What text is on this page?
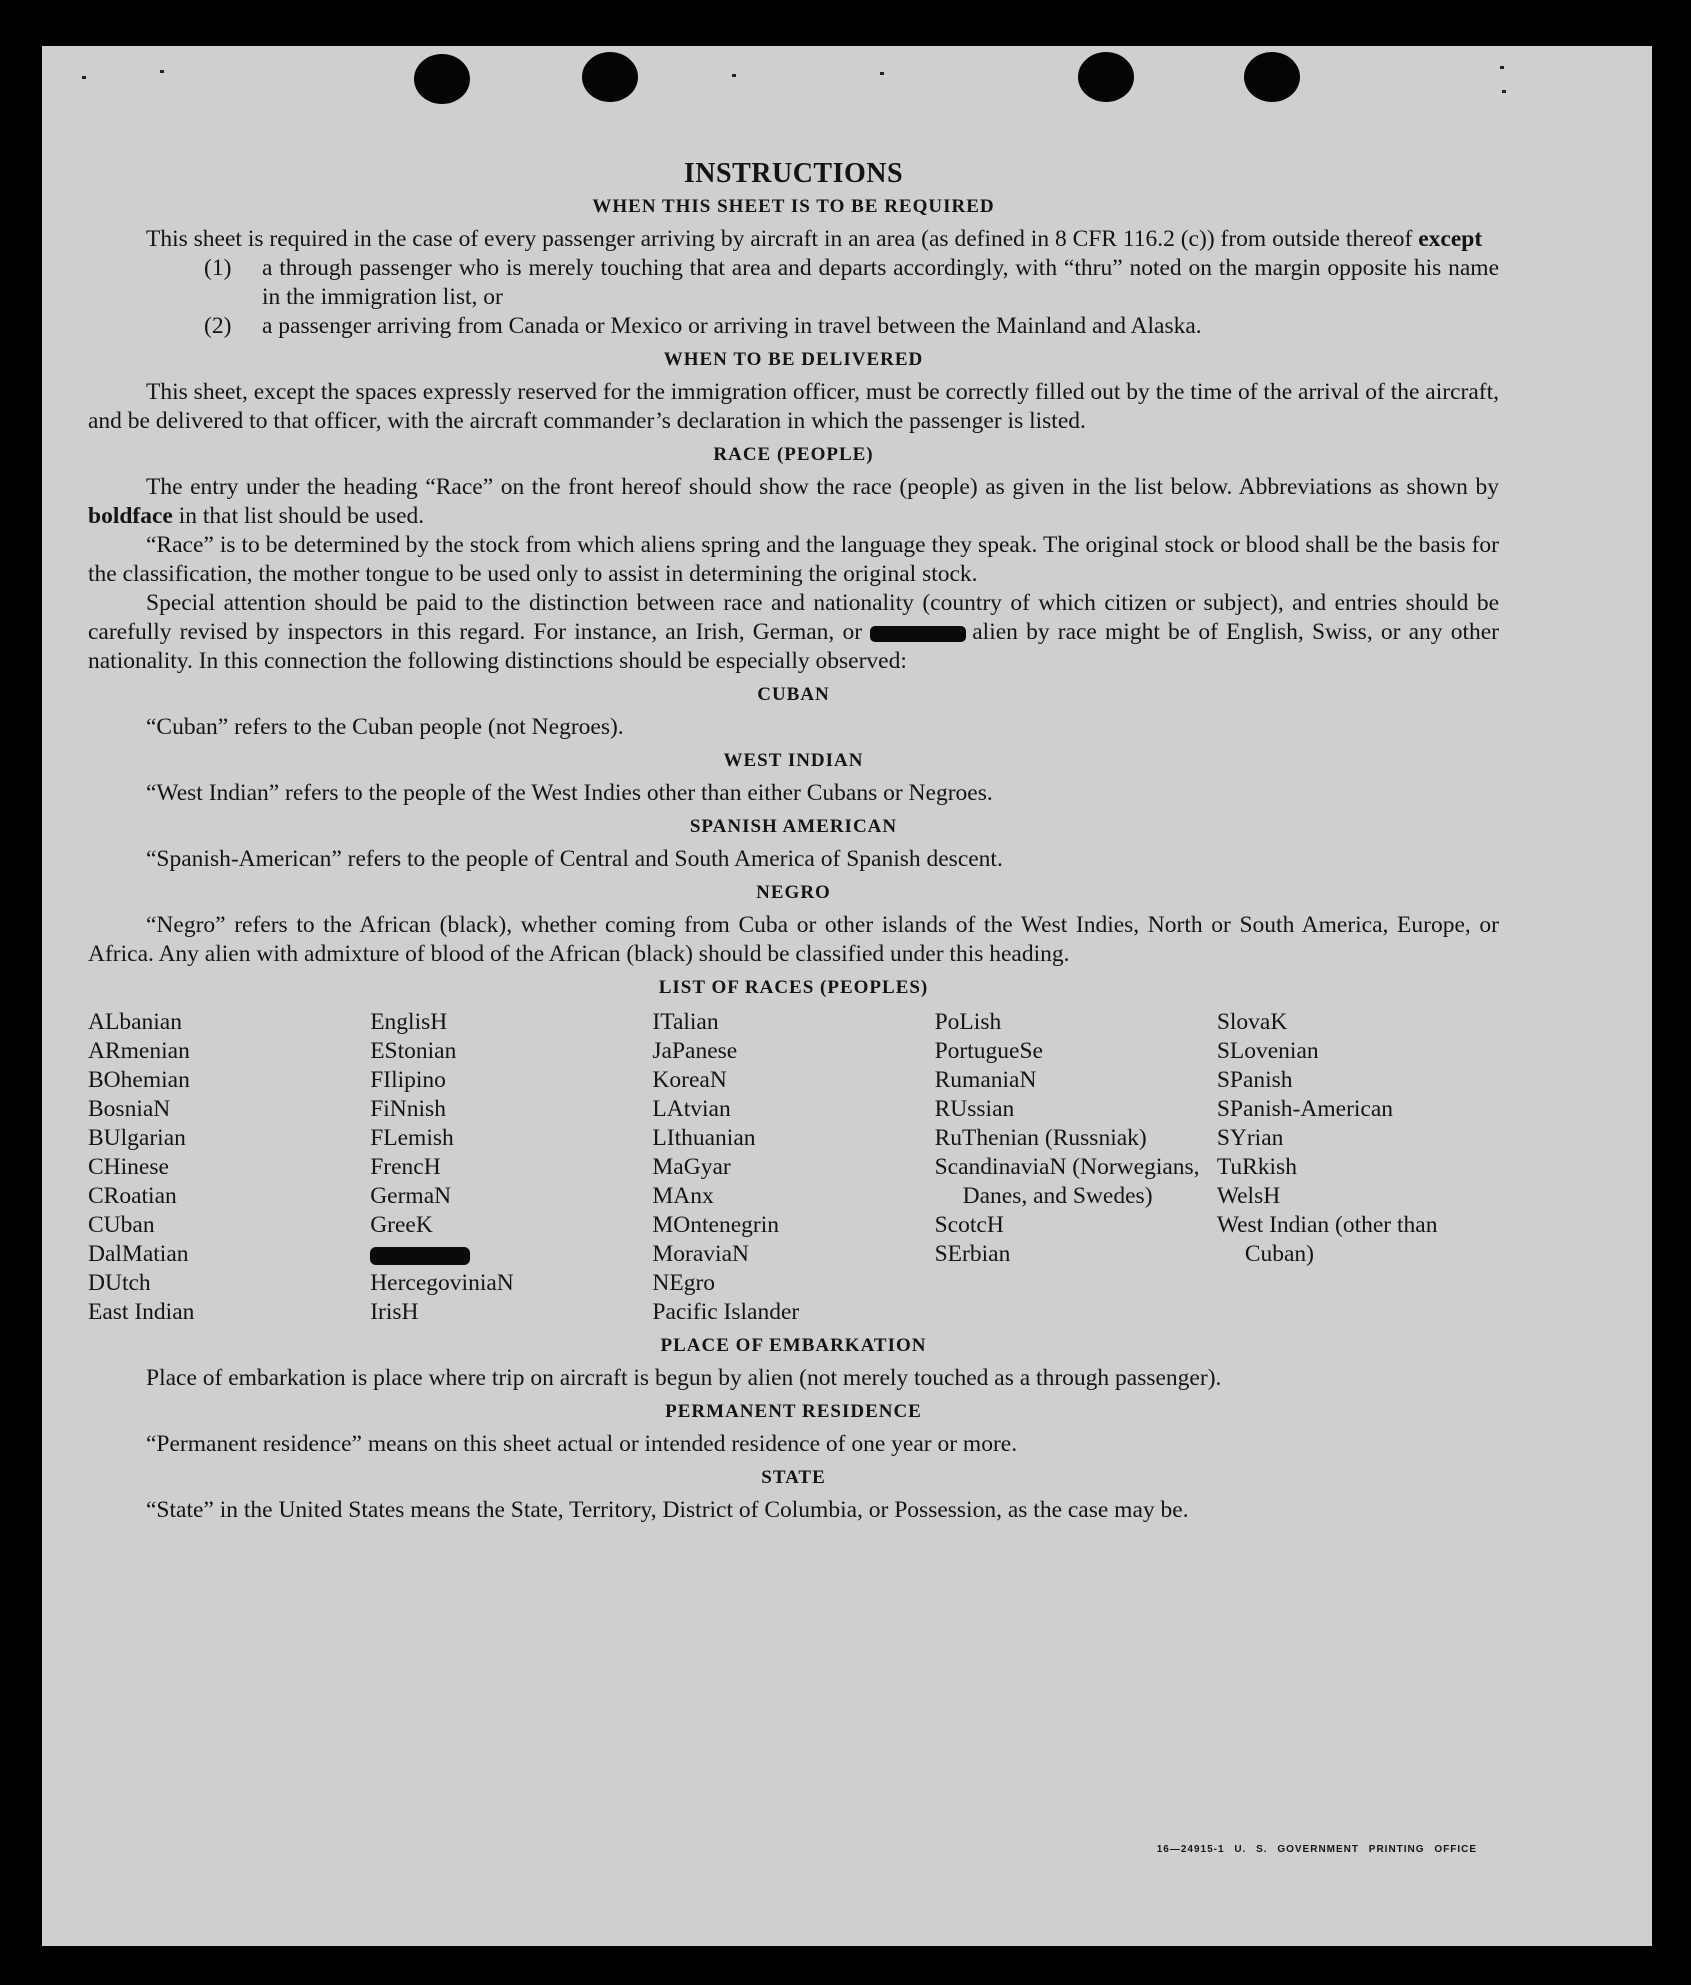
INSTRUCTIONS
WHEN THIS SHEET IS TO BE REQUIRED

This sheet is required in the case of every passenger arriving by aircraft in an area (as defined in 8 CFR 116.2 (c)) from outside thereof except

(1)	a through passenger who is merely touching that area and departs accordingly, with “thru” noted on the margin opposite his name in the immigration list, or
(2)	a passenger arriving from Canada or Mexico or arriving in travel between the Mainland and Alaska.
WHEN TO BE DELIVERED

This sheet, except the spaces expressly reserved for the immigration officer, must be correctly filled out by the time of the arrival of the aircraft, and be delivered to that officer, with the aircraft commander’s declaration in which the passenger is listed.

RACE (PEOPLE)

The entry under the heading “Race” on the front hereof should show the race (people) as given in the list below. Abbreviations as shown by boldface in that list should be used.

“Race” is to be determined by the stock from which aliens spring and the language they speak. The original stock or blood shall be the basis for the classification, the mother tongue to be used only to assist in determining the original stock.

Special attention should be paid to the distinction between race and nationality (country of which citizen or subject), and entries should be carefully revised by inspectors in this regard. For instance, an Irish, German, or	alien by race might be of English, Swiss, or any other nationality. In this connection the following distinctions should be especially observed:

CUBAN

“Cuban” refers to the Cuban people (not Negroes).

WEST INDIAN

“West Indian” refers to the people of the West Indies other than either Cubans or Negroes.

SPANISH AMERICAN

“Spanish-American” refers to the people of Central and South America of Spanish descent.

NEGRO

“Negro” refers to the African (black), whether coming from Cuba or other islands of the West Indies, North or South America, Europe, or Africa. Any alien with admixture of blood of the African (black) should be classified under this heading.

LIST OF RACES (PEOPLES)
ALbanian
ARmenian
BOhemian
BosniaN
BUlgarian
CHinese
CRoatian
CUban
DalMatian
DUtch
East Indian
EnglisH
EStonian
FIlipino
FiNnish
FLemish
FrencH
GermaN
GreeK
HercegoviniaN
IrisH
ITalian
JaPanese
KoreaN
LAtvian
LIthuanian
MaGyar
MAnx
MOntenegrin
MoraviaN
NEgro
Pacific Islander
PoLish
PortugueSe
RumaniaN
RUssian
RuThenian (Russniak)
ScandinaviaN (Norwegians, Danes, and Swedes)
ScotcH
SErbian
SlovaK
SLovenian
SPanish
SPanish-American
SYrian
TuRkish
WelsH
West Indian (other than Cuban)
PLACE OF EMBARKATION

Place of embarkation is place where trip on aircraft is begun by alien (not merely touched as a through passenger).

PERMANENT RESIDENCE

“Permanent residence” means on this sheet actual or intended residence of one year or more.

STATE

“State” in the United States means the State, Territory, District of Columbia, or Possession, as the case may be.

16—24915-1 U. S. GOVERNMENT PRINTING OFFICE
